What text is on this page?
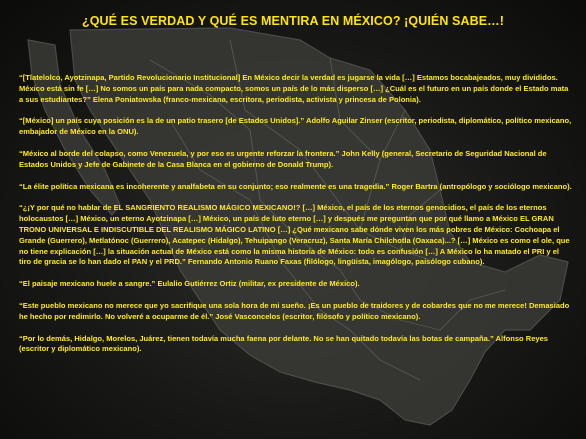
¿QUÉ ES VERDAD Y QUÉ ES MENTIRA EN MÉXICO? ¡QUIÉN SABE…!

“[Tlatelolco, Ayotzinapa, Partido Revolucionario Institucional] En México decir la verdad es jugarse la vida […] Estamos bocabajeados, muy divididos. México está sin fe […] No somos un país para nada compacto, somos un país de lo más disperso […] ¿Cuál es el futuro en un país donde el Estado mata a sus estudiantes?” Elena Poniatowska (franco-mexicana, escritora, periodista, activista y princesa de Polonia).

“[México] un país cuya posición es la de un patio trasero [de Estados Unidos].” Adolfo Aguilar Zinser (escritor, periodista, diplomático, político mexicano, embajador de México en la ONU).

“México al borde del colapso, como Venezuela, y por eso es urgente reforzar la frontera.” John Kelly (general, Secretario de Seguridad Nacional de Estados Unidos y Jefe de Gabinete de la Casa Blanca en el gobierno de Donald Trump).

“La élite política mexicana es incoherente y analfabeta en su conjunto; eso realmente es una tragedia.” Roger Bartra (antropólogo y sociólogo mexicano).

“¿¡Y por qué no hablar de EL SANGRIENTO REALISMO MÁGICO MEXICANO!? […] México, el país de los eternos genocidios, el país de los eternos holocaustos […] México, un eterno Ayotzinapa […] México, un país de luto eterno […] y después me preguntan que por qué llamo a México EL GRAN TRONO UNIVERSAL E INDISCUTIBLE DEL REALISMO MÁGICO LATINO […] ¿Qué mexicano sabe dónde viven los más pobres de México: Cochoapa el Grande (Guerrero), Metlatónoc (Guerrero), Acatepec (Hidalgo), Tehuipango (Veracruz), Santa María Chilchotla (Oaxaca)...? […] México es como el ole, que no tiene explicación […] la situación actual de México está como la misma historia de México: todo es confusión […] A México lo ha matado el PRI y el tiro de gracia se lo han dado el PAN y el PRD.” Fernando Antonio Ruano Faxas (filólogo, lingüista, imagólogo, paisólogo cubano).

“El paisaje mexicano huele a sangre.” Eulalio Gutiérrez Ortiz (militar, ex presidente de México).

“Este pueblo mexicano no merece que yo sacrifique una sola hora de mi sueño. ¡Es un pueblo de traidores y de cobardes que no me merece! Demasiado he hecho por redimirlo. No volveré a ocuparme de él.” José Vasconcelos (escritor, filósofo y político mexicano).

“Por lo demás, Hidalgo, Morelos, Juárez, tienen todavía mucha faena por delante. No se han quitado todavía las botas de campaña.” Alfonso Reyes (escritor y diplomático mexicano).
